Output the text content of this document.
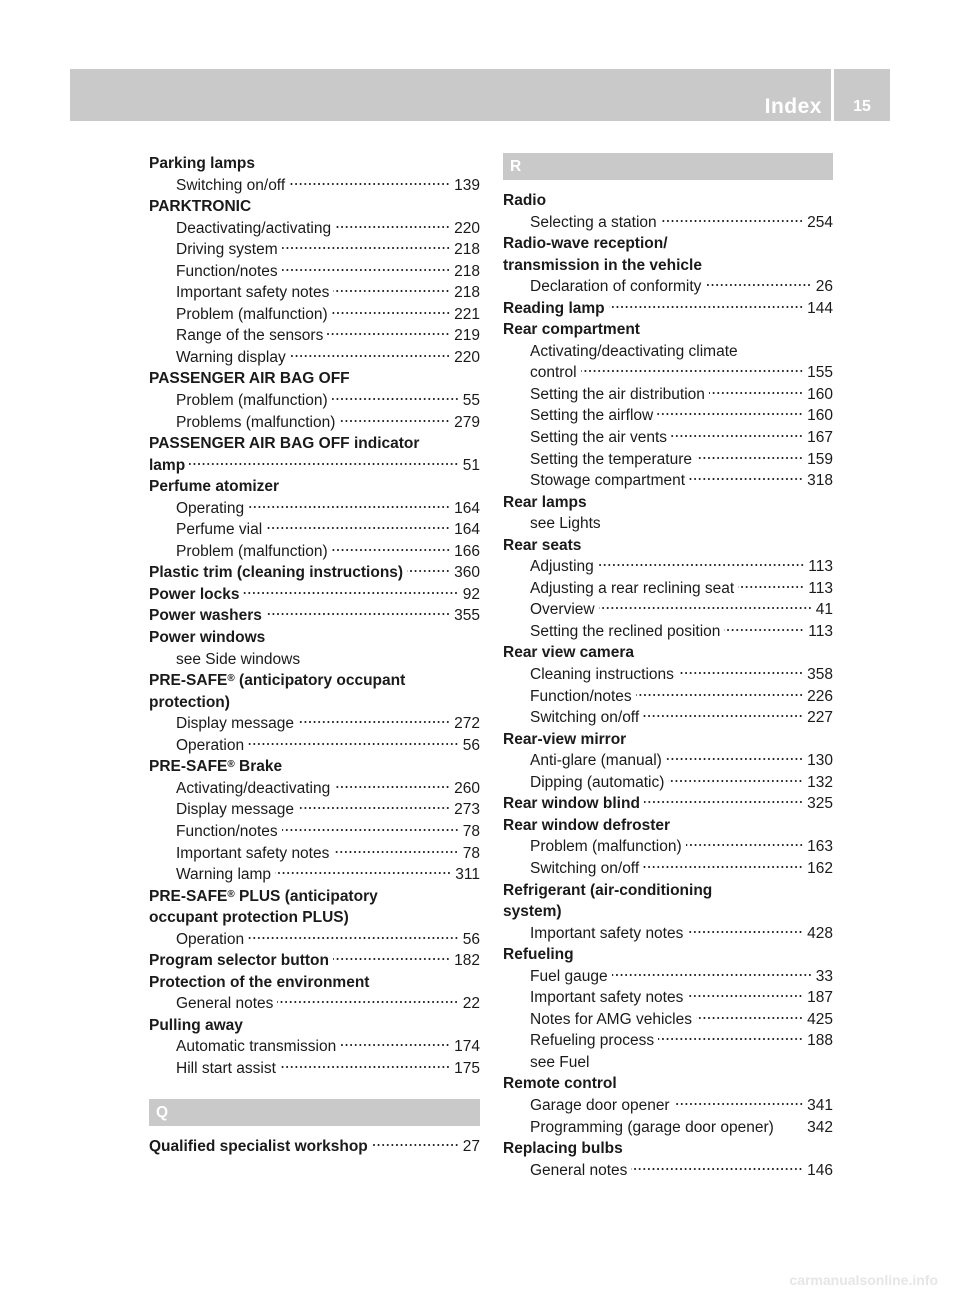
Index	15
Parking lamps
Switching on/off	139
PARKTRONIC
Deactivating/activating	220
Driving system	218
Function/notes	218
Important safety notes	218
Problem (malfunction)	221
Range of the sensors	219
Warning display	220
PASSENGER AIR BAG OFF
Problem (malfunction)	55
Problems (malfunction)	279
PASSENGER AIR BAG OFF indicator
lamp	51
Perfume atomizer
Operating	164
Perfume vial	164
Problem (malfunction)	166
Plastic trim (cleaning instructions)	360
Power locks	92
Power washers	355
Power windows
see Side windows
PRE-SAFE® (anticipatory occupant
protection)
Display message	272
Operation	56
PRE-SAFE® Brake
Activating/deactivating	260
Display message	273
Function/notes	78
Important safety notes	78
Warning lamp	311
PRE-SAFE® PLUS (anticipatory
occupant protection PLUS)
Operation	56
Program selector button	182
Protection of the environment
General notes	22
Pulling away
Automatic transmission	174
Hill start assist	175
Q
Qualified specialist workshop	27
R
Radio
Selecting a station	254
Radio-wave reception/
transmission in the vehicle
Declaration of conformity	26
Reading lamp	144
Rear compartment
Activating/deactivating climate
control	155
Setting the air distribution	160
Setting the airflow	160
Setting the air vents	167
Setting the temperature	159
Stowage compartment	318
Rear lamps
see Lights
Rear seats
Adjusting	113
Adjusting a rear reclining seat	113
Overview	41
Setting the reclined position	113
Rear view camera
Cleaning instructions	358
Function/notes	226
Switching on/off	227
Rear-view mirror
Anti-glare (manual)	130
Dipping (automatic)	132
Rear window blind	325
Rear window defroster
Problem (malfunction)	163
Switching on/off	162
Refrigerant (air-conditioning
system)
Important safety notes	428
Refueling
Fuel gauge	33
Important safety notes	187
Notes for AMG vehicles	425
Refueling process	188
see Fuel
Remote control
Garage door opener	341
Programming (garage door opener) 342
Replacing bulbs
General notes	146
carmanualsonline.info
